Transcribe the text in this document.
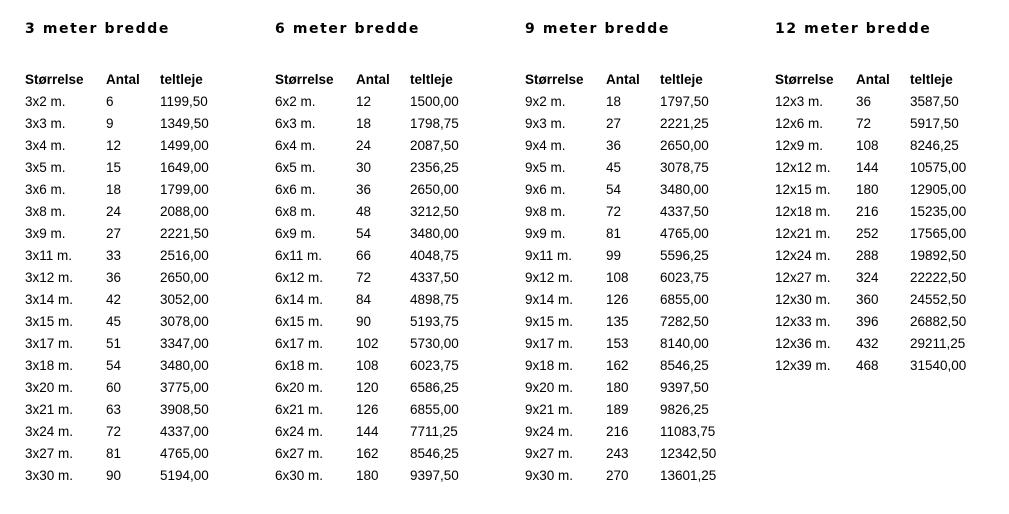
3 meter bredde
Størrelse	Antal	teltleje
3x2 m.	6	1199,50
3x3 m.	9	1349,50
3x4 m.	12	1499,00
3x5 m.	15	1649,00
3x6 m.	18	1799,00
3x8 m.	24	2088,00
3x9 m.	27	2221,50
3x11 m.	33	2516,00
3x12 m.	36	2650,00
3x14 m.	42	3052,00
3x15 m.	45	3078,00
3x17 m.	51	3347,00
3x18 m.	54	3480,00
3x20 m.	60	3775,00
3x21 m.	63	3908,50
3x24 m.	72	4337,00
3x27 m.	81	4765,00
3x30 m.	90	5194,00
6 meter bredde
Størrelse	Antal	teltleje
6x2 m.	12	1500,00
6x3 m.	18	1798,75
6x4 m.	24	2087,50
6x5 m.	30	2356,25
6x6 m.	36	2650,00
6x8 m.	48	3212,50
6x9 m.	54	3480,00
6x11 m.	66	4048,75
6x12 m.	72	4337,50
6x14 m.	84	4898,75
6x15 m.	90	5193,75
6x17 m.	102	5730,00
6x18 m.	108	6023,75
6x20 m.	120	6586,25
6x21 m.	126	6855,00
6x24 m.	144	7711,25
6x27 m.	162	8546,25
6x30 m.	180	9397,50
9 meter bredde
Størrelse	Antal	teltleje
9x2 m.	18	1797,50
9x3 m.	27	2221,25
9x4 m.	36	2650,00
9x5 m.	45	3078,75
9x6 m.	54	3480,00
9x8 m.	72	4337,50
9x9 m.	81	4765,00
9x11 m.	99	5596,25
9x12 m.	108	6023,75
9x14 m.	126	6855,00
9x15 m.	135	7282,50
9x17 m.	153	8140,00
9x18 m.	162	8546,25
9x20 m.	180	9397,50
9x21 m.	189	9826,25
9x24 m.	216	11083,75
9x27 m.	243	12342,50
9x30 m.	270	13601,25
12 meter bredde
Størrelse	Antal	teltleje
12x3 m.	36	3587,50
12x6 m.	72	5917,50
12x9 m.	108	8246,25
12x12 m.	144	10575,00
12x15 m.	180	12905,00
12x18 m.	216	15235,00
12x21 m.	252	17565,00
12x24 m.	288	19892,50
12x27 m.	324	22222,50
12x30 m.	360	24552,50
12x33 m.	396	26882,50
12x36 m.	432	29211,25
12x39 m.	468	31540,00
